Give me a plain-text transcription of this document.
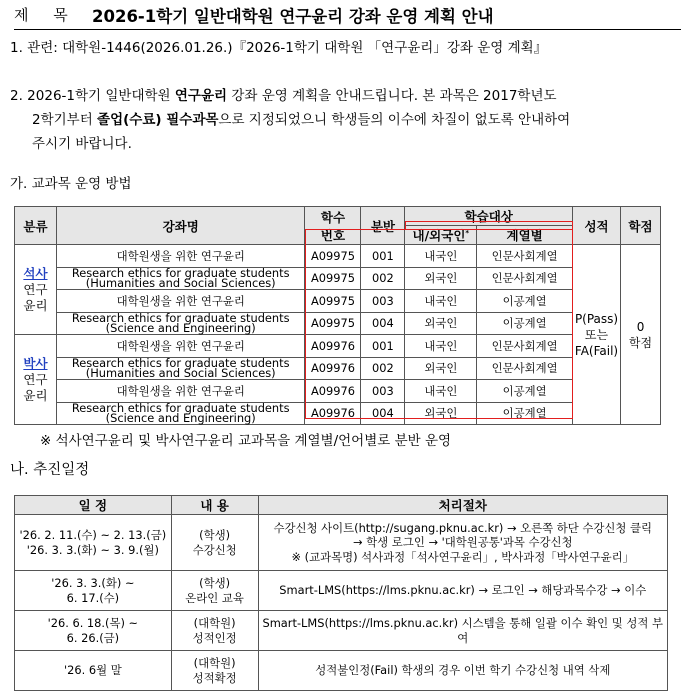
제 목 2026-1학기 일반대학원 연구윤리 강좌 운영 계획 안내
1. 관련: 대학원-1446(2026.01.26.)『2026-1학기 대학원 「연구윤리」강좌 운영 계획』
2. 2026-1학기 일반대학원 연구윤리 강좌 운영 계획을 안내드립니다. 본 과목은 2017학년도
2학기부터 졸업(수료) 필수과목으로 지정되었으니 학생들의 이수에 차질이 없도록 안내하여
주시기 바랍니다.
가. 교과목 운영 방법
분류	강좌명	학수
번호	분반	학습대상		성적	학점
				내/외국인*	계열별		
석사
연구
윤리	대학원생을 위한 연구윤리	A09975	001	내국인	인문사회계열	P(Pass)
또는
FA(Fail)	0
학점
	Research ethics for graduate students
(Humanities and Social Sciences)	A09975	002	외국인	인문사회계열		
	대학원생을 위한 연구윤리	A09975	003	내국인	이공계열		
	Research ethics for graduate students
(Science and Engineering)	A09975	004	외국인	이공계열		
박사
연구
윤리	대학원생을 위한 연구윤리	A09976	001	내국인	인문사회계열		
	Research ethics for graduate students
(Humanities and Social Sciences)	A09976	002	외국인	인문사회계열		
	대학원생을 위한 연구윤리	A09976	003	내국인	이공계열		
	Research ethics for graduate students
(Science and Engineering)	A09976	004	외국인	이공계열		
※ 석사연구윤리 및 박사연구윤리 교과목을 계열별/언어별로 분반 운영
나. 추진일정
일 정	내 용	처리절차
'26. 2. 11.(수) ~ 2. 13.(금)
'26. 3. 3.(화) ~ 3. 9.(월)	(학생)
수강신청	수강신청 사이트(http://sugang.pknu.ac.kr) → 오른쪽 하단 수강신청 클릭
→ 학생 로그인 → '대학원공통'과목 수강신청
※ (교과목명) 석사과정「석사연구윤리」, 박사과정「박사연구윤리」
'26. 3. 3.(화) ~
6. 17.(수)	(학생)
온라인 교육	Smart-LMS(https://lms.pknu.ac.kr) → 로그인 → 해당과목수강 → 이수
'26. 6. 18.(목) ~
6. 26.(금)	(대학원)
성적인정	Smart-LMS(https://lms.pknu.ac.kr) 시스템을 통해 일괄 이수 확인 및 성적 부여
'26. 6월 말	(대학원)
성적확정	성적불인정(Fail) 학생의 경우 이번 학기 수강신청 내역 삭제
